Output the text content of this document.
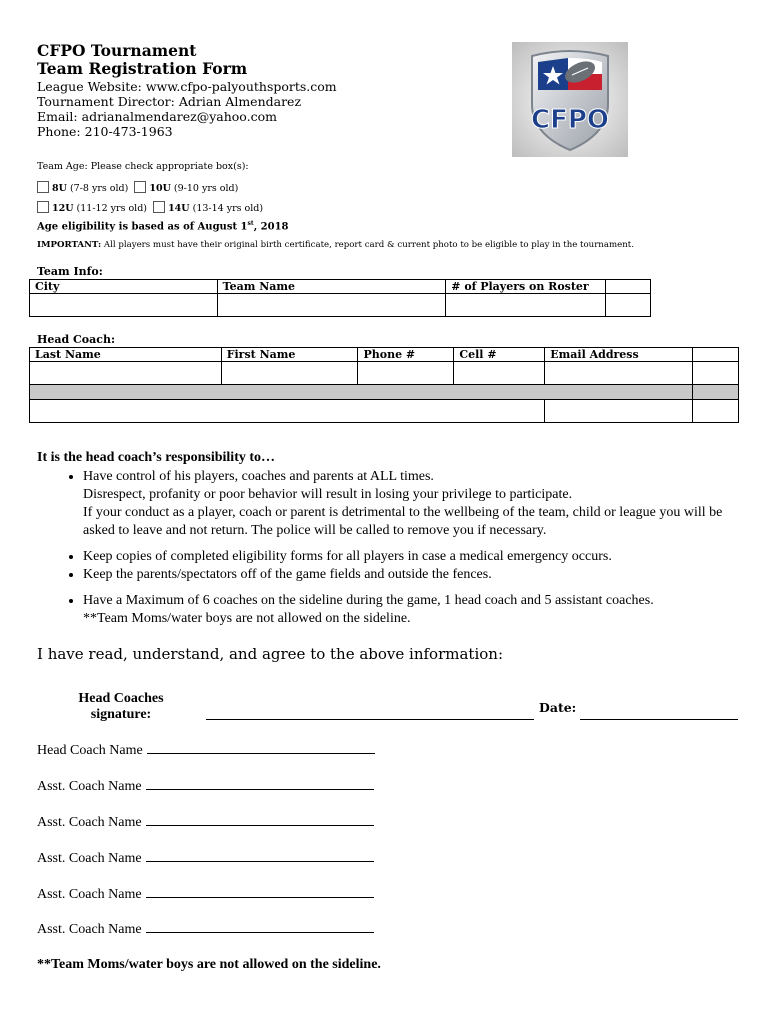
CFPO Tournament
Team Registration Form
League Website: www.cfpo-palyouthsports.com
Tournament Director: Adrian Almendarez
Email: adrianalmendarez@yahoo.com
Phone: 210-473-1963	CFPO
Team Age: Please check appropriate box(s):
8U (7-8 yrs old) 10U (9-10 yrs old)
12U (11-12 yrs old) 14U (13-14 yrs old)
Age eligibility is based as of August 1st, 2018
IMPORTANT: All players must have their original birth certificate, report card & current photo to be eligible to play in the tournament.
Team Info:
City	Team Name	# of Players on Roster	

Head Coach:
Last Name	First Name	Phone #	Cell #	Email Address	

It is the head coach’s responsibility to…
• Have control of his players, coaches and parents at ALL times.
Disrespect, profanity or poor behavior will result in losing your privilege to participate.
If your conduct as a player, coach or parent is detrimental to the wellbeing of the team, child or league you will be asked to leave and not return. The police will be called to remove you if necessary.
• Keep copies of completed eligibility forms for all players in case a medical emergency occurs.
• Keep the parents/spectators off of the game fields and outside the fences.
• Have a Maximum of 6 coaches on the sideline during the game, 1 head coach and 5 assistant coaches.
**Team Moms/water boys are not allowed on the sideline.
I have read, understand, and agree to the above information:
Head Coaches
signature:	Date:
Head Coach Name
Asst. Coach Name
Asst. Coach Name
Asst. Coach Name
Asst. Coach Name
Asst. Coach Name
**Team Moms/water boys are not allowed on the sideline.
